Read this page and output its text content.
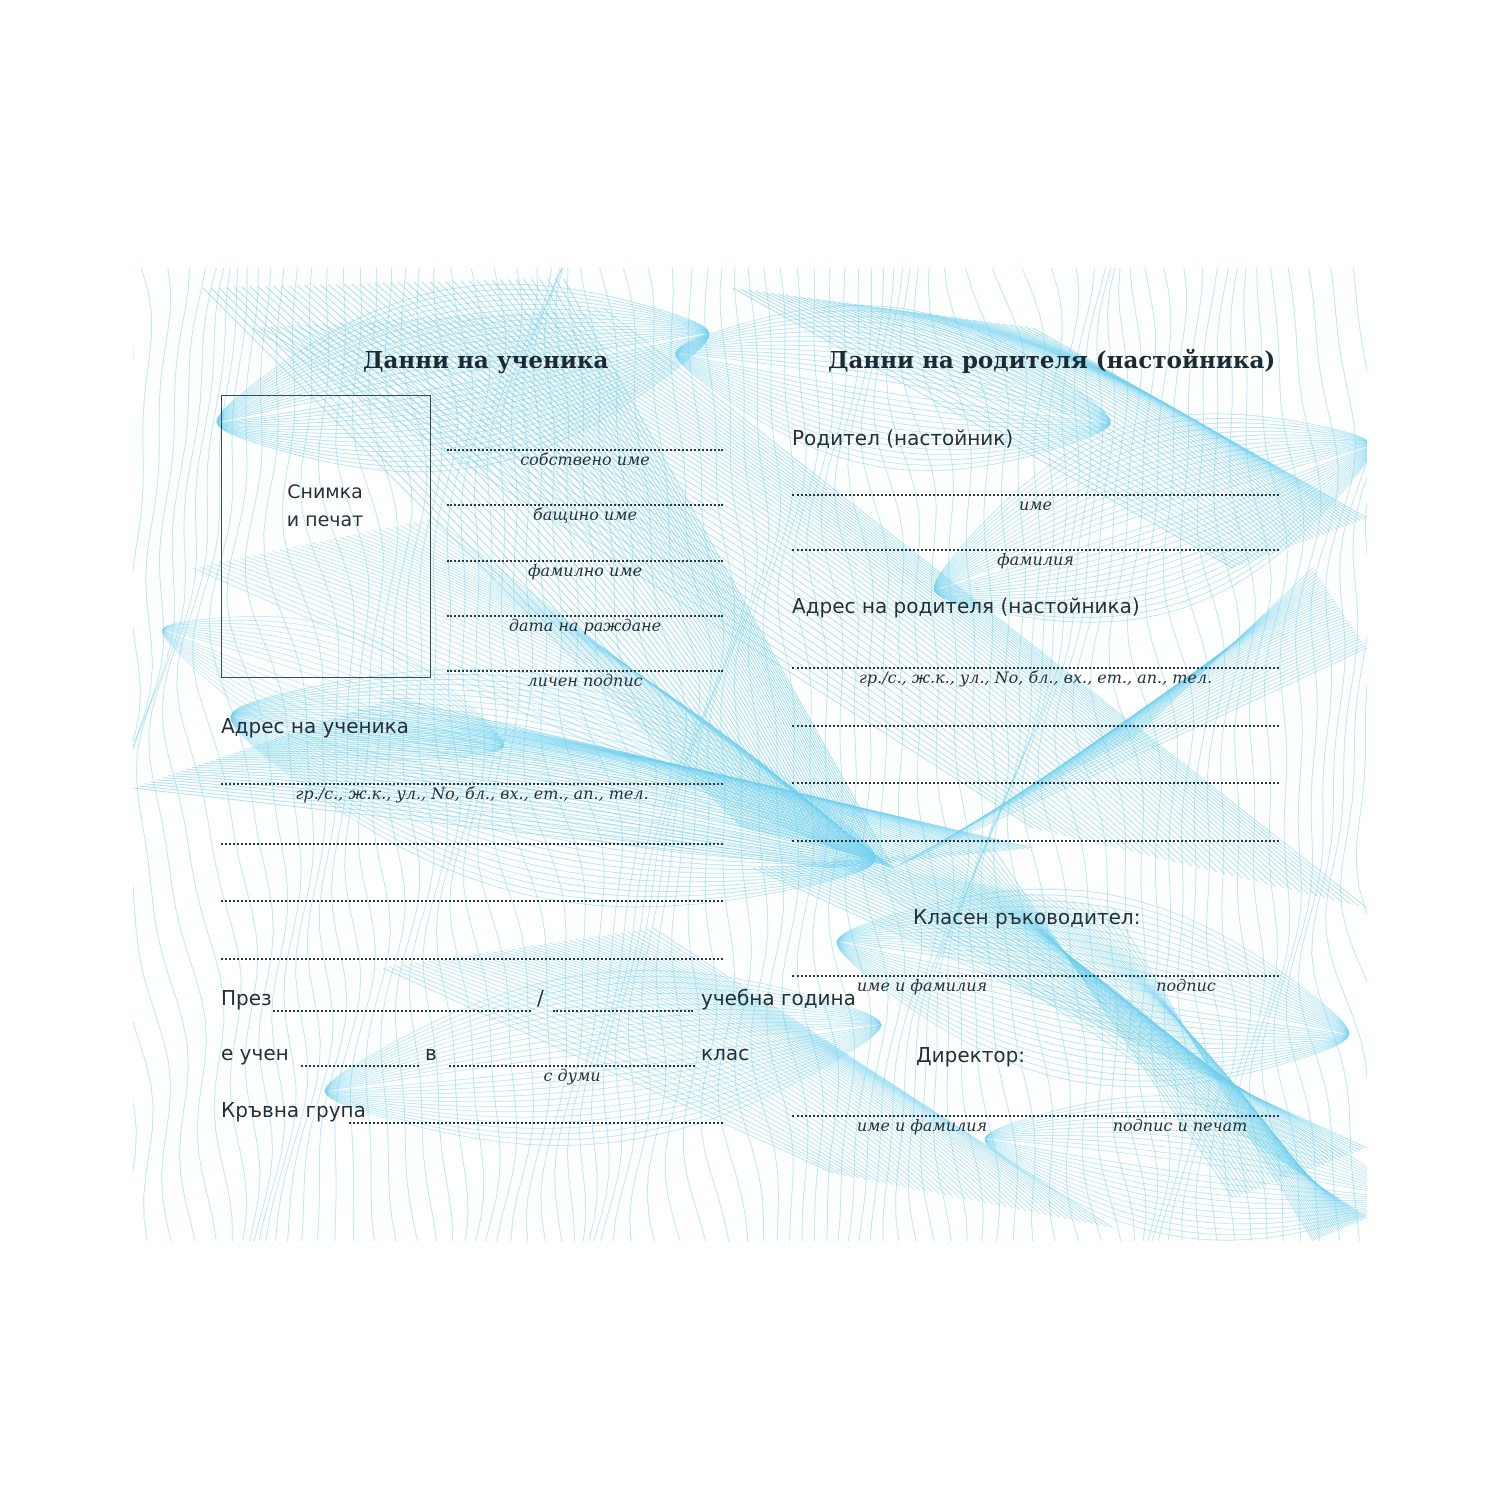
Данни на ученика
Снимка
и печат
собствено име
бащино име
фамилно име
дата на раждане
личен подпис
Адрес на ученика
гр./с., ж.к., ул., No, бл., вх., ет., ап., тел.
През	/
	учебна година
е учен	в
с думи
клас
Кръвна група
Данни на родителя (настойника)
Родител (настойник)
име
фамилия
Адрес на родителя (настойника)
гр./с., ж.к., ул., No, бл., вх., ет., ап., тел.
Класен ръководител:
име и фамилия	подпис
Директор:
име и фамилия	подпис и печат
